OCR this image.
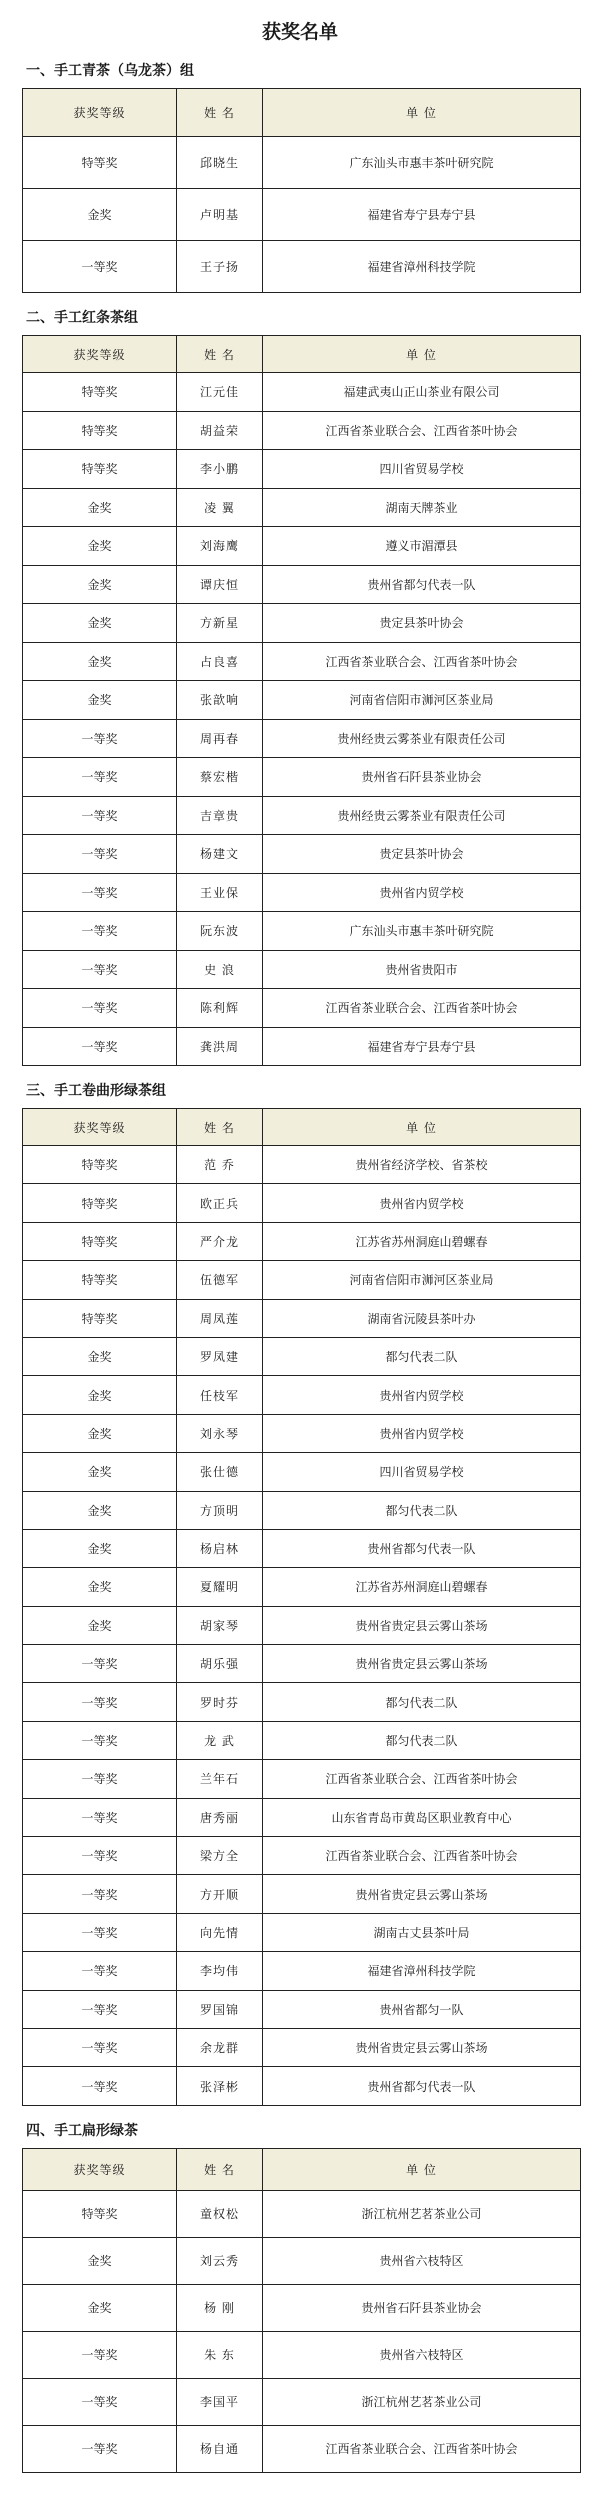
获奖名单
一、手工青茶（乌龙茶）组
获奖等级	姓 名	单 位
特等奖	邱晓生	广东汕头市惠丰茶叶研究院
金奖	卢明基	福建省寿宁县寿宁县
一等奖	王子扬	福建省漳州科技学院
二、手工红条茶组
获奖等级	姓 名	单 位
特等奖	江元佳	福建武夷山正山茶业有限公司
特等奖	胡益荣	江西省茶业联合会、江西省茶叶协会
特等奖	李小鹏	四川省贸易学校
金奖	凌 翼	湖南天牌茶业
金奖	刘海鹰	遵义市湄潭县
金奖	谭庆恒	贵州省都匀代表一队
金奖	方新星	贵定县茶叶协会
金奖	占良喜	江西省茶业联合会、江西省茶叶协会
金奖	张歆响	河南省信阳市浉河区茶业局
一等奖	周再春	贵州经贵云雾茶业有限责任公司
一等奖	蔡宏楷	贵州省石阡县茶业协会
一等奖	吉章贵	贵州经贵云雾茶业有限责任公司
一等奖	杨建文	贵定县茶叶协会
一等奖	王业保	贵州省内贸学校
一等奖	阮东波	广东汕头市惠丰茶叶研究院
一等奖	史 浪	贵州省贵阳市
一等奖	陈利辉	江西省茶业联合会、江西省茶叶协会
一等奖	龚洪周	福建省寿宁县寿宁县
三、手工卷曲形绿茶组
获奖等级	姓 名	单 位
特等奖	范 乔	贵州省经济学校、省茶校
特等奖	欧正兵	贵州省内贸学校
特等奖	严介龙	江苏省苏州洞庭山碧螺春
特等奖	伍德军	河南省信阳市浉河区茶业局
特等奖	周凤莲	湖南省沅陵县茶叶办
金奖	罗凤建	都匀代表二队
金奖	任枝军	贵州省内贸学校
金奖	刘永琴	贵州省内贸学校
金奖	张仕德	四川省贸易学校
金奖	方顶明	都匀代表二队
金奖	杨启林	贵州省都匀代表一队
金奖	夏耀明	江苏省苏州洞庭山碧螺春
金奖	胡家琴	贵州省贵定县云雾山茶场
一等奖	胡乐强	贵州省贵定县云雾山茶场
一等奖	罗时芬	都匀代表二队
一等奖	龙 武	都匀代表二队
一等奖	兰年石	江西省茶业联合会、江西省茶叶协会
一等奖	唐秀丽	山东省青岛市黄岛区职业教育中心
一等奖	梁方全	江西省茶业联合会、江西省茶叶协会
一等奖	方开顺	贵州省贵定县云雾山茶场
一等奖	向先情	湖南古丈县茶叶局
一等奖	李均伟	福建省漳州科技学院
一等奖	罗国锦	贵州省都匀一队
一等奖	余龙群	贵州省贵定县云雾山茶场
一等奖	张泽彬	贵州省都匀代表一队
四、手工扁形绿茶
获奖等级	姓 名	单 位
特等奖	童权松	浙江杭州艺茗茶业公司
金奖	刘云秀	贵州省六枝特区
金奖	杨 刚	贵州省石阡县茶业协会
一等奖	朱 东	贵州省六枝特区
一等奖	李国平	浙江杭州艺茗茶业公司
一等奖	杨自通	江西省茶业联合会、江西省茶叶协会
